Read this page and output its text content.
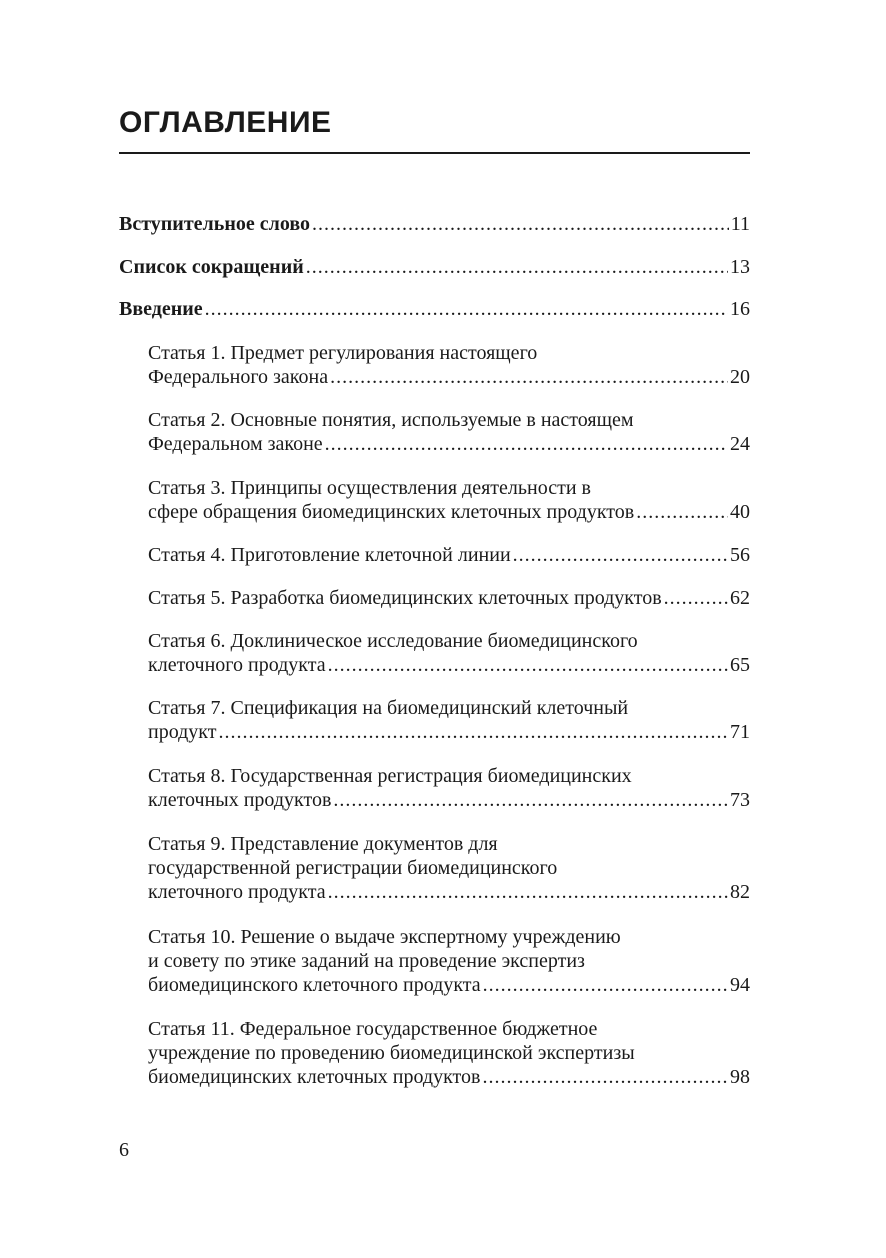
ОГЛАВЛЕНИЕ
Вступительное слово .....	11
Список сокращений .....	13
Введение .....	16
Статья 1. Предмет регулирования настоящего
Федерального закона .....	20
Статья 2. Основные понятия, используемые в настоящем
Федеральном законе .....	24
Статья 3. Принципы осуществления деятельности в
сфере обращения биомедицинских клеточных продуктов .....	40
Статья 4. Приготовление клеточной линии .....	56
Статья 5. Разработка биомедицинских клеточных продуктов .....	62
Статья 6. Доклиническое исследование биомедицинского
клеточного продукта .....	65
Статья 7. Спецификация на биомедицинский клеточный
продукт .....	71
Статья 8. Государственная регистрация биомедицинских
клеточных продуктов .....	73
Статья 9. Представление документов для
государственной регистрации биомедицинского
клеточного продукта .....	82
Статья 10. Решение о выдаче экспертному учреждению
и совету по этике заданий на проведение экспертиз
биомедицинского клеточного продукта .....	94
Статья 11. Федеральное государственное бюджетное
учреждение по проведению биомедицинской экспертизы
биомедицинских клеточных продуктов .....	98
6
